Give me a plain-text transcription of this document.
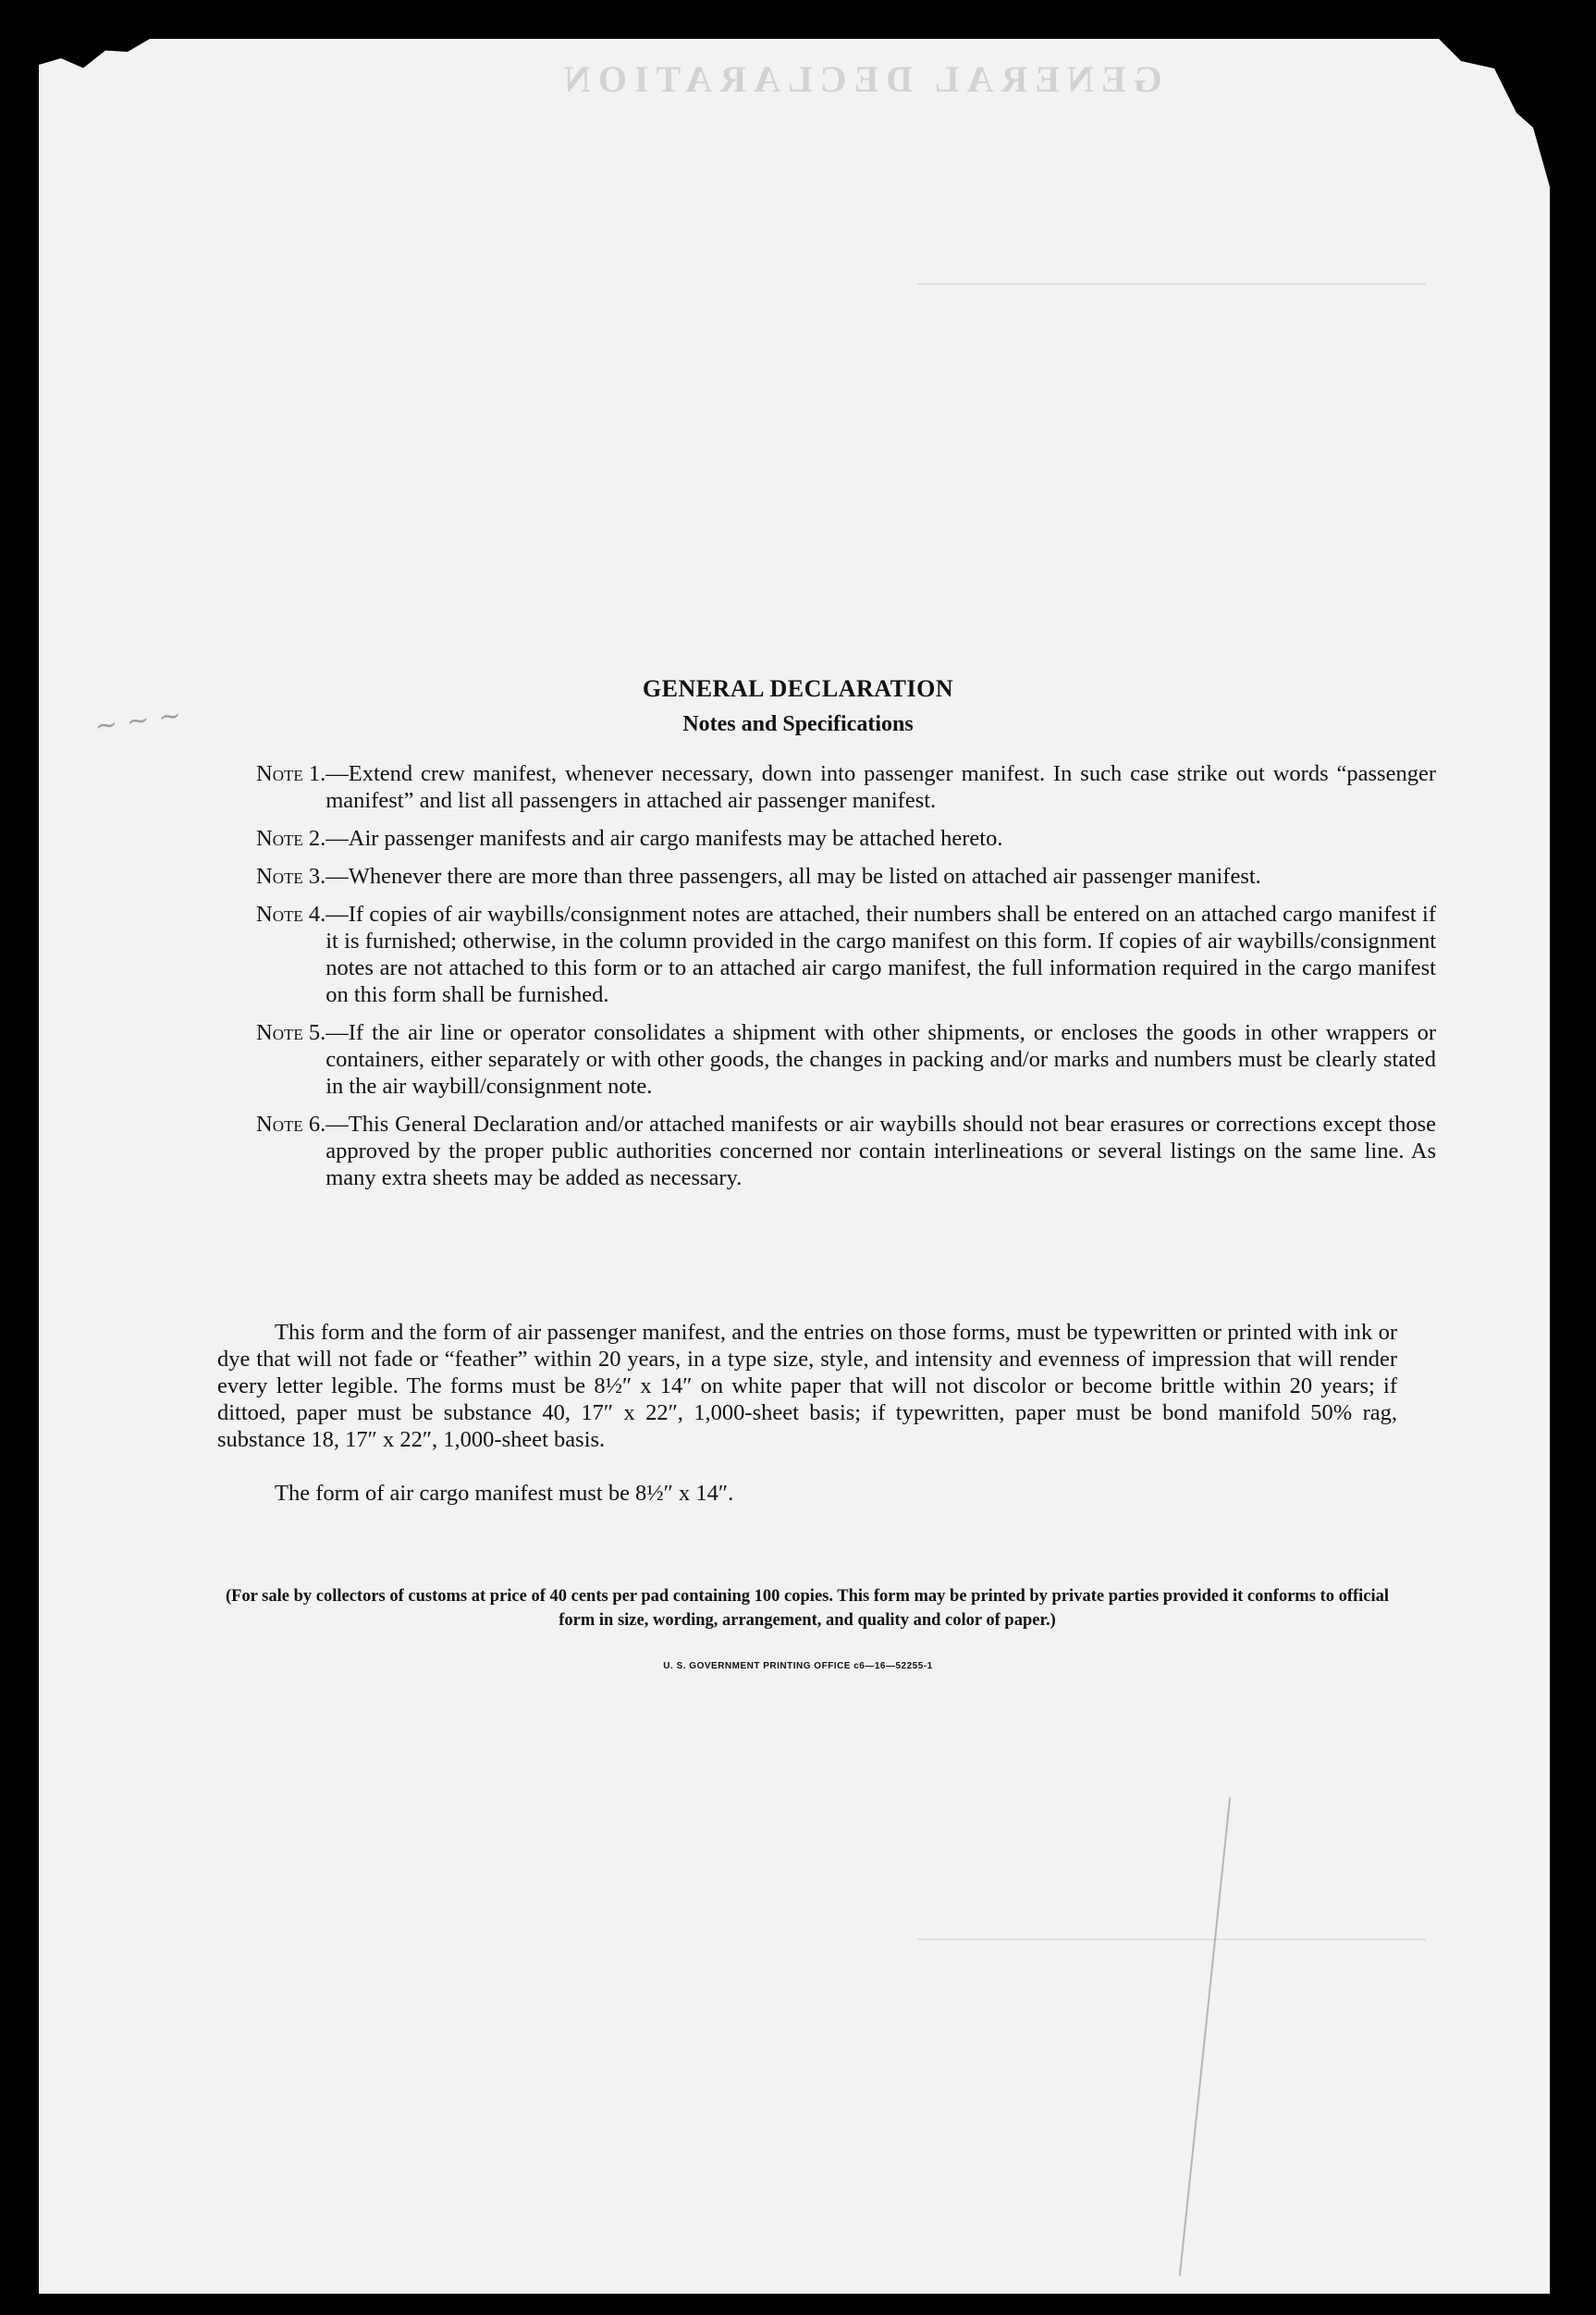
GENERAL DECLARATION
—————————————————————————
—————————————————————————
~ ~ ~
GENERAL DECLARATION
Notes and Specifications
Note 1. —Extend crew manifest, whenever necessary, down into passenger manifest. In such case strike out words “passenger manifest” and list all passengers in attached air passenger manifest.
Note 2. —Air passenger manifests and air cargo manifests may be attached hereto.
Note 3. —Whenever there are more than three passengers, all may be listed on attached air passenger manifest.
Note 4. —If copies of air waybills/consignment notes are attached, their numbers shall be entered on an attached cargo manifest if it is furnished; otherwise, in the column provided in the cargo manifest on this form. If copies of air waybills/consignment notes are not attached to this form or to an attached air cargo manifest, the full information required in the cargo manifest on this form shall be furnished.
Note 5. —If the air line or operator consolidates a shipment with other shipments, or encloses the goods in other wrappers or containers, either separately or with other goods, the changes in packing and/or marks and numbers must be clearly stated in the air waybill/consignment note.
Note 6. —This General Declaration and/or attached manifests or air waybills should not bear erasures or corrections except those approved by the proper public authorities concerned nor contain interlineations or several listings on the same line. As many extra sheets may be added as necessary.
This form and the form of air passenger manifest, and the entries on those forms, must be typewritten or printed with ink or dye that will not fade or “feather” within 20 years, in a type size, style, and intensity and evenness of impression that will render every letter legible. The forms must be 8½″ x 14″ on white paper that will not discolor or become brittle within 20 years; if dittoed, paper must be substance 40, 17″ x 22″, 1,000-sheet basis; if typewritten, paper must be bond manifold 50% rag, substance 18, 17″ x 22″, 1,000-sheet basis.
The form of air cargo manifest must be 8½″ x 14″.
(For sale by collectors of customs at price of 40 cents per pad containing 100 copies. This form may be printed by private parties provided it conforms to official form in size, wording, arrangement, and quality and color of paper.)
U. S. GOVERNMENT PRINTING OFFICE c6—16—52255-1
